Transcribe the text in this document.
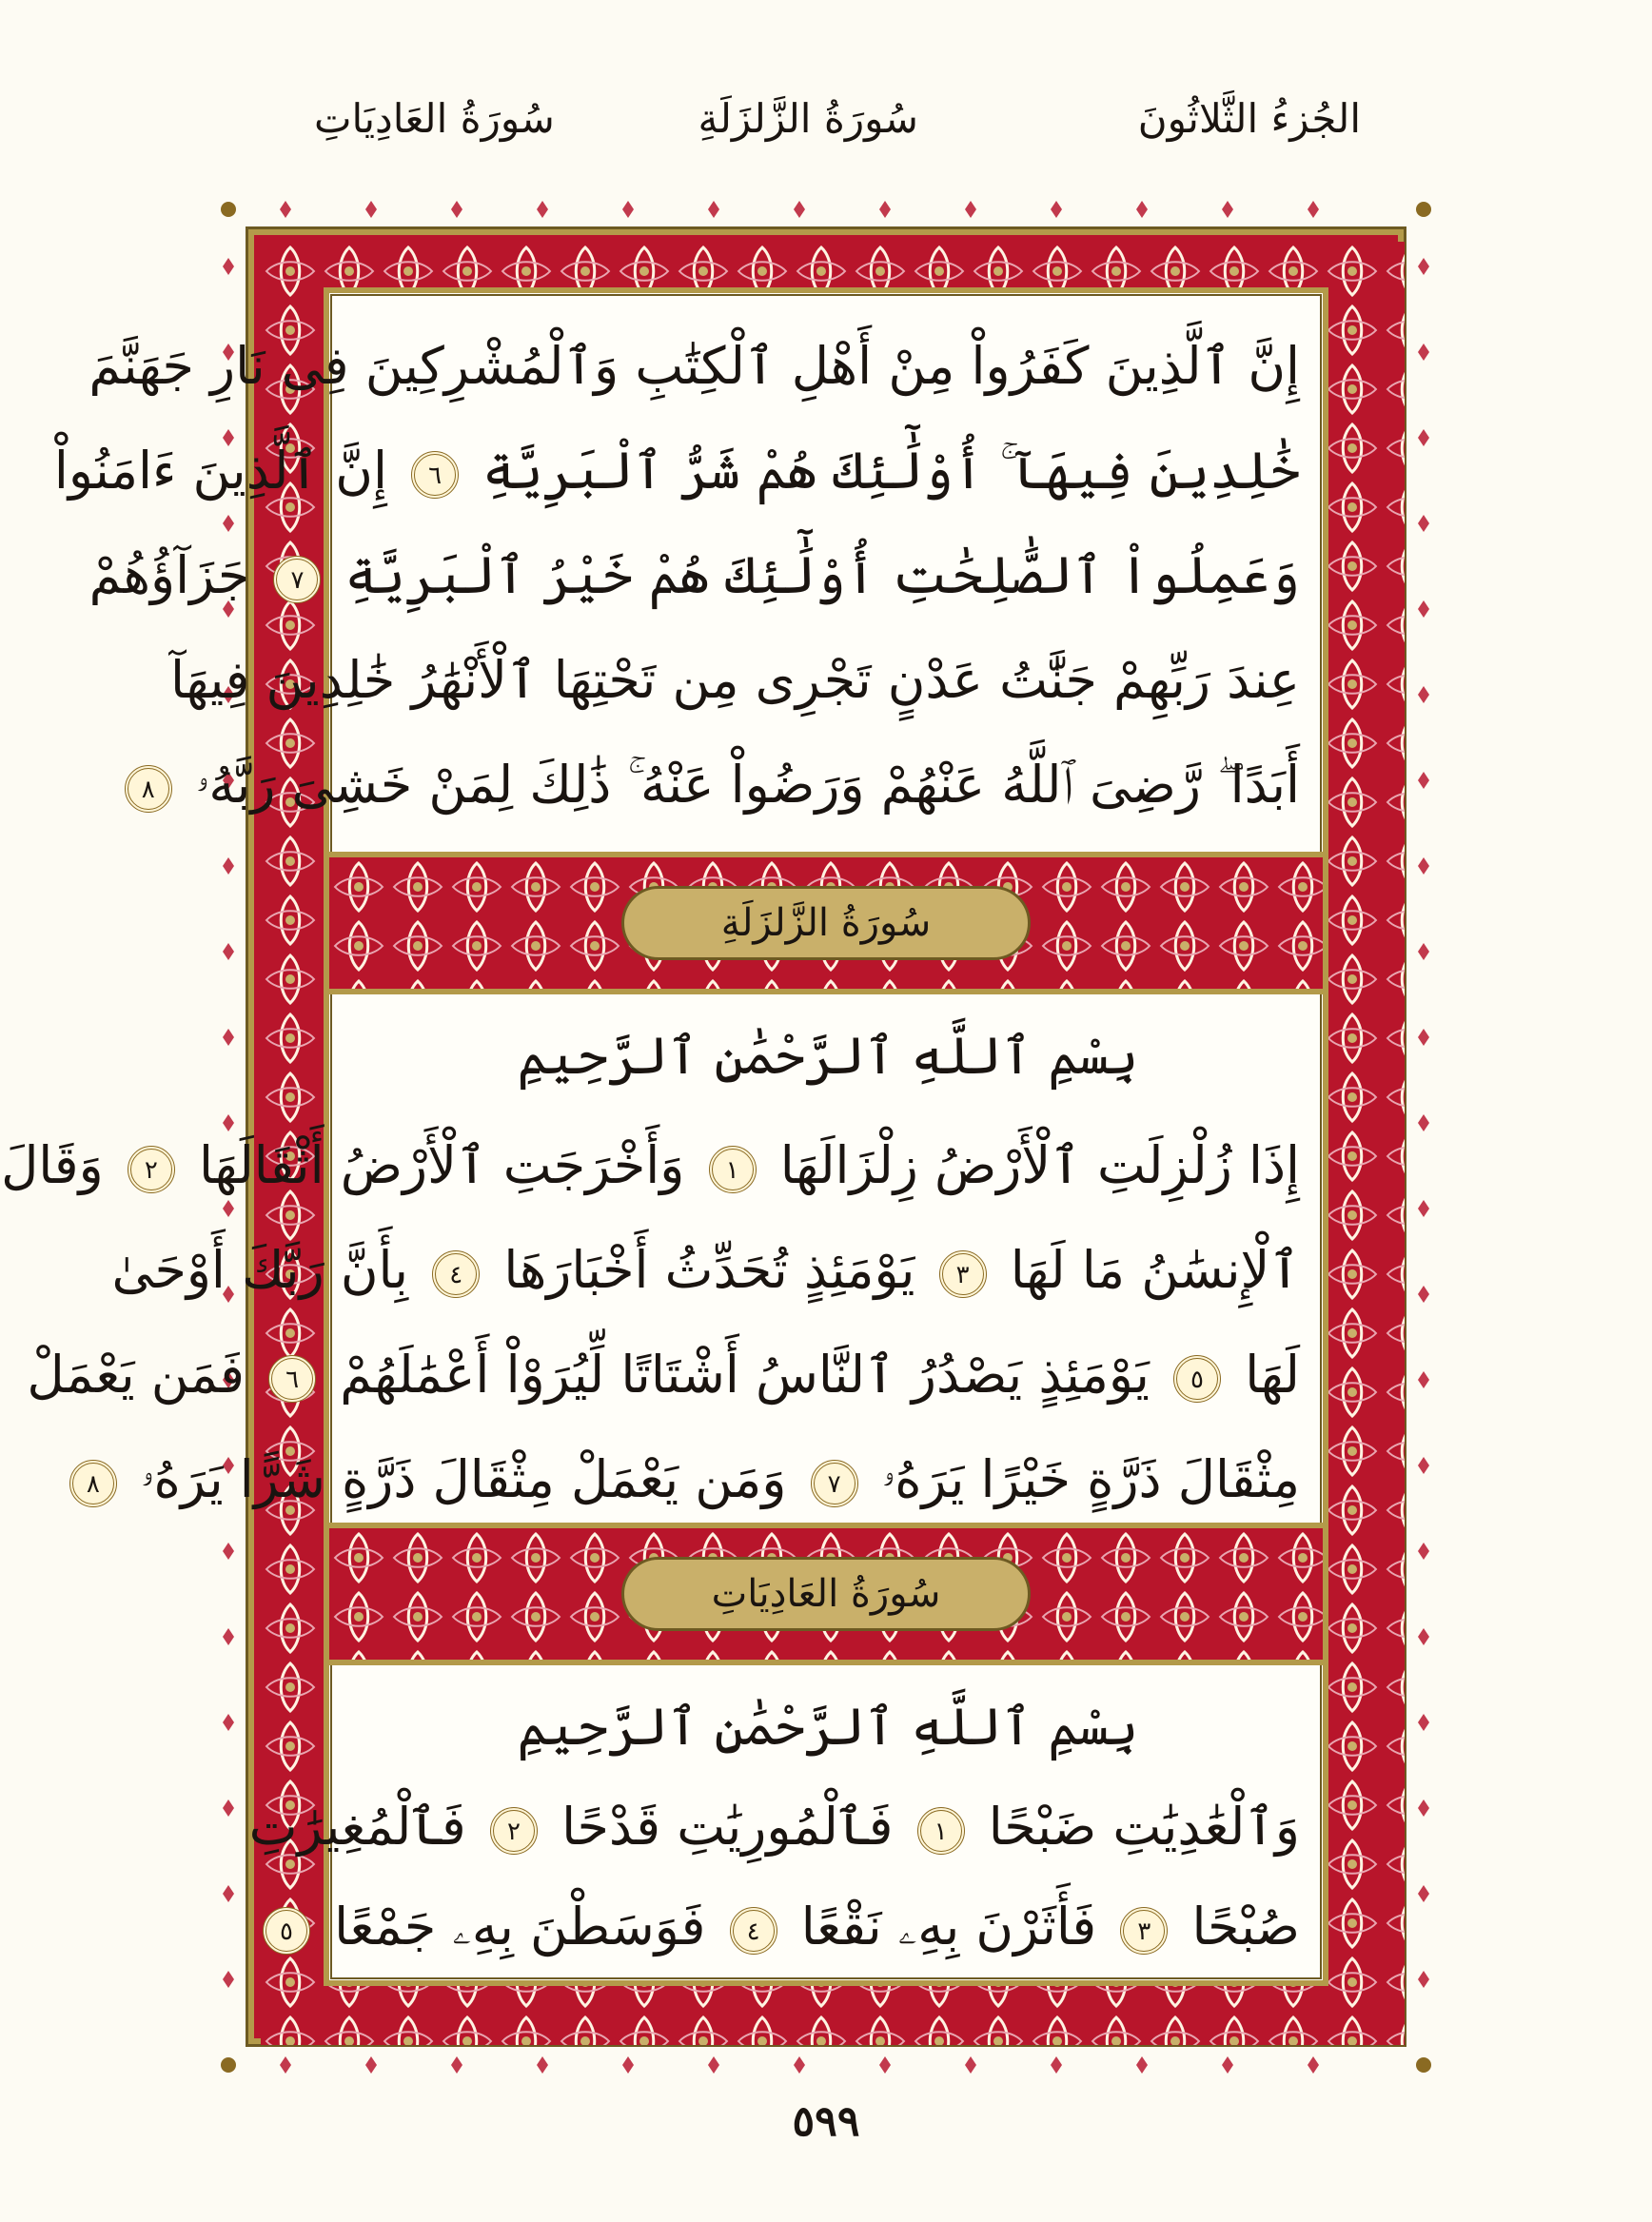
الجُزءُ الثَّلاثُونَ
سُورَةُ الزَّلزَلَةِ
سُورَةُ العَادِيَاتِ
إِنَّ ٱلَّذِينَ كَفَرُواْ مِنْ أَهْلِ ٱلْكِتَٰبِ وَٱلْمُشْرِكِينَ فِى نَارِ جَهَنَّمَ
خَٰلِدِينَ فِيهَآ ۚ أُوْلَٰٓئِكَ هُمْ شَرُّ ٱلْبَرِيَّةِ ٦ إِنَّ ٱلَّذِينَ ءَامَنُواْ
وَعَمِلُواْ ٱلصَّٰلِحَٰتِ أُوْلَٰٓئِكَ هُمْ خَيْرُ ٱلْبَرِيَّةِ ٧ جَزَآؤُهُمْ
عِندَ رَبِّهِمْ جَنَّٰتُ عَدْنٍ تَجْرِى مِن تَحْتِهَا ٱلْأَنْهَٰرُ خَٰلِدِينَ فِيهَآ
أَبَدًا ۖ رَّضِىَ ٱللَّهُ عَنْهُمْ وَرَضُواْ عَنْهُ ۚ ذَٰلِكَ لِمَنْ خَشِىَ رَبَّهُۥ ٨
سُورَةُ الزَّلزَلَةِ
بِسْمِ ٱللَّهِ ٱلرَّحْمَٰنِ ٱلرَّحِيمِ
إِذَا زُلْزِلَتِ ٱلْأَرْضُ زِلْزَالَهَا ١ وَأَخْرَجَتِ ٱلْأَرْضُ أَثْقَالَهَا ٢ وَقَالَ
ٱلْإِنسَٰنُ مَا لَهَا ٣ يَوْمَئِذٍ تُحَدِّثُ أَخْبَارَهَا ٤ بِأَنَّ رَبَّكَ أَوْحَىٰ
لَهَا ٥ يَوْمَئِذٍ يَصْدُرُ ٱلنَّاسُ أَشْتَاتًا لِّيُرَوْاْ أَعْمَٰلَهُمْ ٦ فَمَن يَعْمَلْ
مِثْقَالَ ذَرَّةٍ خَيْرًا يَرَهُۥ ٧ وَمَن يَعْمَلْ مِثْقَالَ ذَرَّةٍ شَرًّا يَرَهُۥ ٨
سُورَةُ العَادِيَاتِ
بِسْمِ ٱللَّهِ ٱلرَّحْمَٰنِ ٱلرَّحِيمِ
وَٱلْعَٰدِيَٰتِ ضَبْحًا ١ فَٱلْمُورِيَٰتِ قَدْحًا ٢ فَٱلْمُغِيرَٰتِ
صُبْحًا ٣ فَأَثَرْنَ بِهِۦ نَقْعًا ٤ فَوَسَطْنَ بِهِۦ جَمْعًا ٥
٥٩٩
